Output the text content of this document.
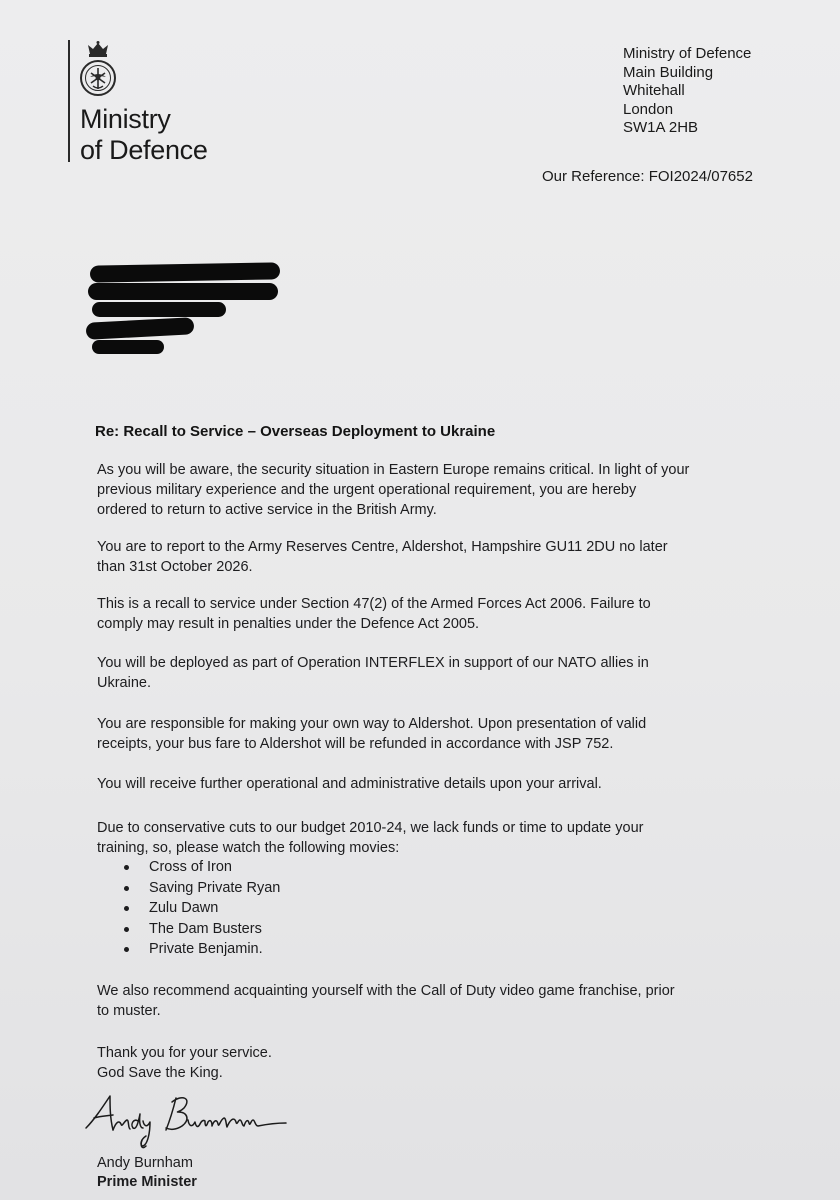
Ministry
of Defence
Ministry of Defence
Main Building
Whitehall
London
SW1A 2HB
Our Reference: FOI2024/07652
Re: Recall to Service – Overseas Deployment to Ukraine
As you will be aware, the security situation in Eastern Europe remains critical. In light of your
previous military experience and the urgent operational requirement, you are hereby
ordered to return to active service in the British Army.
You are to report to the Army Reserves Centre, Aldershot, Hampshire GU11 2DU no later
than 31st October 2026.
This is a recall to service under Section 47(2) of the Armed Forces Act 2006. Failure to
comply may result in penalties under the Defence Act 2005.
You will be deployed as part of Operation INTERFLEX in support of our NATO allies in
Ukraine.
You are responsible for making your own way to Aldershot. Upon presentation of valid
receipts, your bus fare to Aldershot will be refunded in accordance with JSP 752.
You will receive further operational and administrative details upon your arrival.
Due to conservative cuts to our budget 2010-24, we lack funds or time to update your
training, so, please watch the following movies:
Cross of Iron
Saving Private Ryan
Zulu Dawn
The Dam Busters
Private Benjamin.
We also recommend acquainting yourself with the Call of Duty video game franchise, prior
to muster.
Thank you for your service.
God Save the King.
Andy Burnham
Prime Minister
